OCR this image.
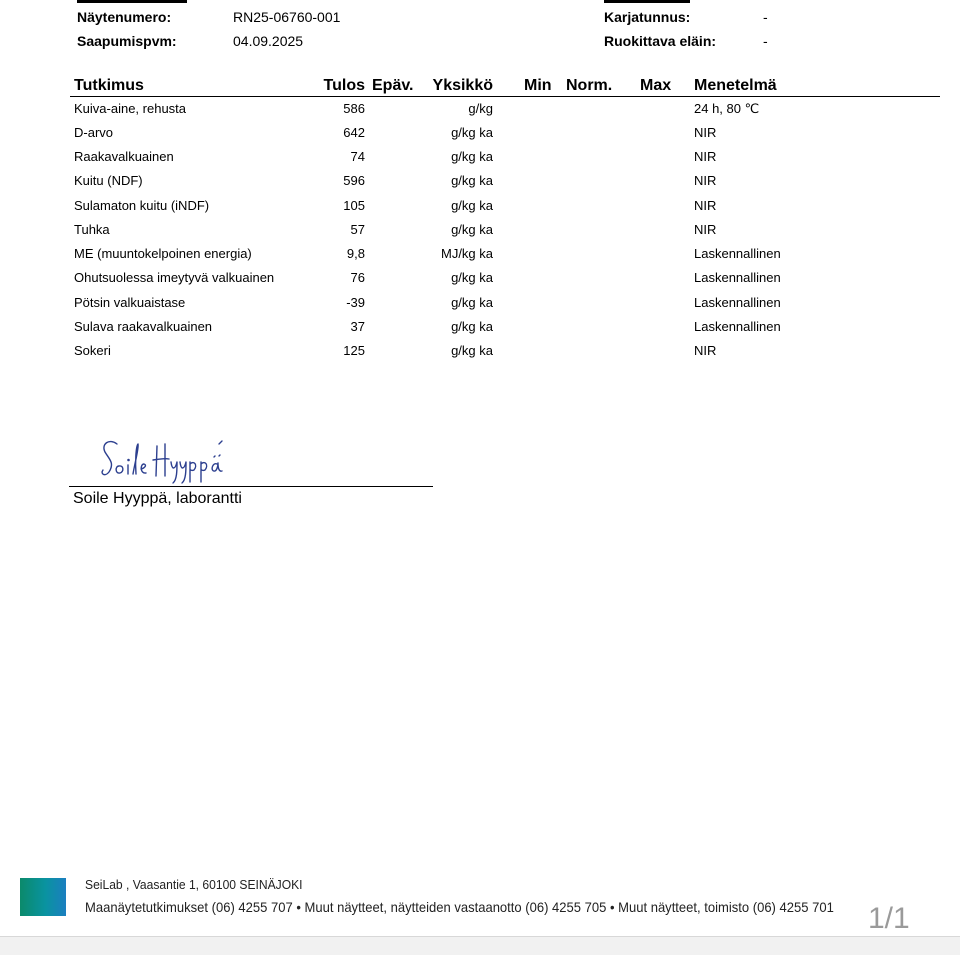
Näytenumero:	RN25-06760-001
Saapumispvm:	04.09.2025
Karjatunnus:	-
Ruokittava eläin:	-
Tutkimus	Tulos Epäv.	Yksikkö Min Norm. Max Menetelmä
Kuiva-aine, rehusta	586	g/kg	24 h, 80 ℃
D-arvo	642	g/kg ka	NIR
Raakavalkuainen	74	g/kg ka	NIR
Kuitu (NDF)	596	g/kg ka	NIR
Sulamaton kuitu (iNDF)	105	g/kg ka	NIR
Tuhka	57	g/kg ka	NIR
ME (muuntokelpoinen energia)	9,8	MJ/kg ka	Laskennallinen
Ohutsuolessa imeytyvä valkuainen	76	g/kg ka	Laskennallinen
Pötsin valkuaistase	-39	g/kg ka	Laskennallinen
Sulava raakavalkuainen	37	g/kg ka	Laskennallinen
Sokeri	125	g/kg ka	NIR
Soile Hyyppä, laborantti
SeiLab , Vaasantie 1, 60100 SEINÄJOKI
Maanäytetutkimukset (06) 4255 707 • Muut näytteet, näytteiden vastaanotto (06) 4255 705 • Muut näytteet, toimisto (06) 4255 701 1/1
